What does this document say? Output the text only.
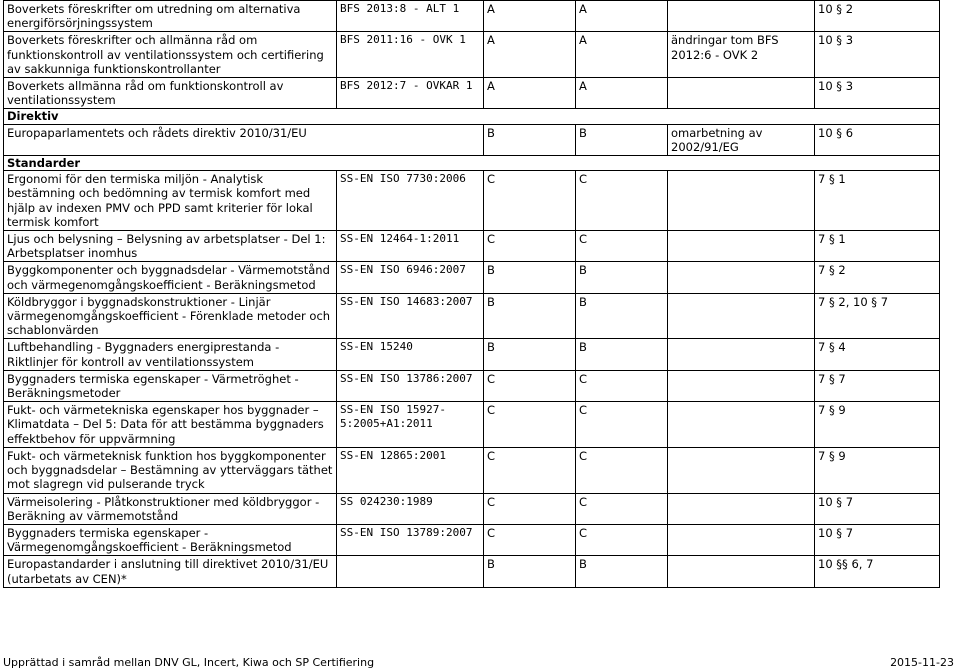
Boverkets föreskrifter om utredning om alternativa energiförsörjningssystem	BFS 2013:8 - ALT 1	A	A		10 § 2
Boverkets föreskrifter och allmänna råd om funktionskontroll av ventilationssystem och certifiering av sakkunniga funktionskontrollanter	BFS 2011:16 - OVK 1	A	A	ändringar tom BFS 2012:6 - OVK 2	10 § 3
Boverkets allmänna råd om funktionskontroll av ventilationssystem	BFS 2012:7 - OVKAR 1	A	A		10 § 3
Direktiv					
Europaparlamentets och rådets direktiv 2010/31/EU		B	B	omarbetning av 2002/91/EG	10 § 6
Standarder					
Ergonomi för den termiska miljön - Analytisk bestämning och bedömning av termisk komfort med hjälp av indexen PMV och PPD samt kriterier för lokal termisk komfort	SS-EN ISO 7730:2006	C	C		7 § 1
Ljus och belysning – Belysning av arbetsplatser - Del 1: Arbetsplatser inomhus	SS-EN 12464-1:2011	C	C		7 § 1
Byggkomponenter och byggnadsdelar - Värmemotstånd och värmegenomgångskoefficient - Beräkningsmetod	SS-EN ISO 6946:2007	B	B		7 § 2
Köldbryggor i byggnadskonstruktioner - Linjär värmegenomgångskoefficient - Förenklade metoder och schablonvärden	SS-EN ISO 14683:2007	B	B		7 § 2, 10 § 7
Luftbehandling - Byggnaders energiprestanda - Riktlinjer för kontroll av ventilationssystem	SS-EN 15240	B	B		7 § 4
Byggnaders termiska egenskaper - Värmetröghet - Beräkningsmetoder	SS-EN ISO 13786:2007	C	C		7 § 7
Fukt- och värmetekniska egenskaper hos byggnader – Klimatdata – Del 5: Data för att bestämma byggnaders effektbehov för uppvärmning	SS-EN ISO 15927-5:2005+A1:2011	C	C		7 § 9
Fukt- och värmeteknisk funktion hos byggkomponenter och byggnadsdelar – Bestämning av ytterväggars täthet mot slagregn vid pulserande tryck	SS-EN 12865:2001	C	C		7 § 9
Värmeisolering - Plåtkonstruktioner med köldbryggor - Beräkning av värmemotstånd	SS 024230:1989	C	C		10 § 7
Byggnaders termiska egenskaper - Värmegenomgångskoefficient - Beräkningsmetod	SS-EN ISO 13789:2007	C	C		10 § 7
Europastandarder i anslutning till direktivet 2010/31/EU (utarbetats av CEN)*		B	B		10 §§ 6, 7
Upprättad i samråd mellan DNV GL, Incert, Kiwa och SP Certifiering	2015-11-23
